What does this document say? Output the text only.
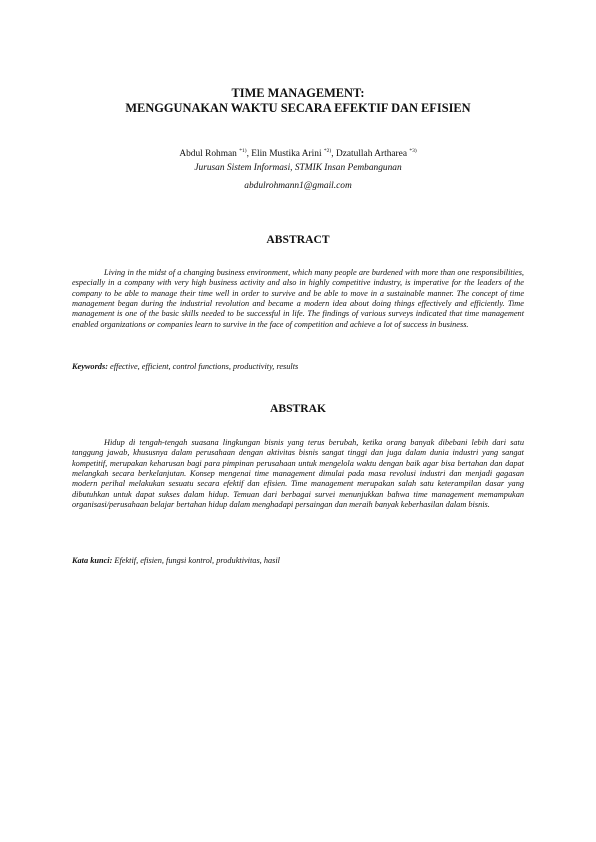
TIME MANAGEMENT:
MENGGUNAKAN WAKTU SECARA EFEKTIF DAN EFISIEN
Abdul Rohman $^{*1)}$, Elin Mustika Arini $^{*2)}$, Dzatullah Artharea $^{*3)}$
Jurusan Sistem Informasi, STMIK Insan Pembangunan
abdulrohmann1@gmail.com
ABSTRACT

Living in the midst of a changing business environment, which many people are burdened with more than one responsibilities, especially in a company with very high business activity and also in highly competitive industry, is imperative for the leaders of the company to be able to manage their time well in order to survive and be able to move in a sustainable manner. The concept of time management began during the industrial revolution and became a modern idea about doing things effectively and efficiently. Time management is one of the basic skills needed to be successful in life. The findings of various surveys indicated that time management enabled organizations or companies learn to survive in the face of competition and achieve a lot of success in business.

Keywords: effective, efficient, control functions, productivity, results
ABSTRAK

Hidup di tengah-tengah suasana lingkungan bisnis yang terus berubah, ketika orang banyak dibebani lebih dari satu tanggung jawab, khususnya dalam perusahaan dengan aktivitas bisnis sangat tinggi dan juga dalam dunia industri yang sangat kompetitif, merupakan keharusan bagi para pimpinan perusahaan untuk mengelola waktu dengan baik agar bisa bertahan dan dapat melangkah secara berkelanjutan. Konsep mengenai time management dimulai pada masa revolusi industri dan menjadi gagasan modern perihal melakukan sesuatu secara efektif dan efisien. Time management merupakan salah satu keterampilan dasar yang dibutuhkan untuk dapat sukses dalam hidup. Temuan dari berbagai survei menunjukkan bahwa time management memampukan organisasi/perusahaan belajar bertahan hidup dalam menghadapi persaingan dan meraih banyak keberhasilan dalam bisnis.

Kata kunci: Efektif, efisien, fungsi kontrol, produktivitas, hasil
